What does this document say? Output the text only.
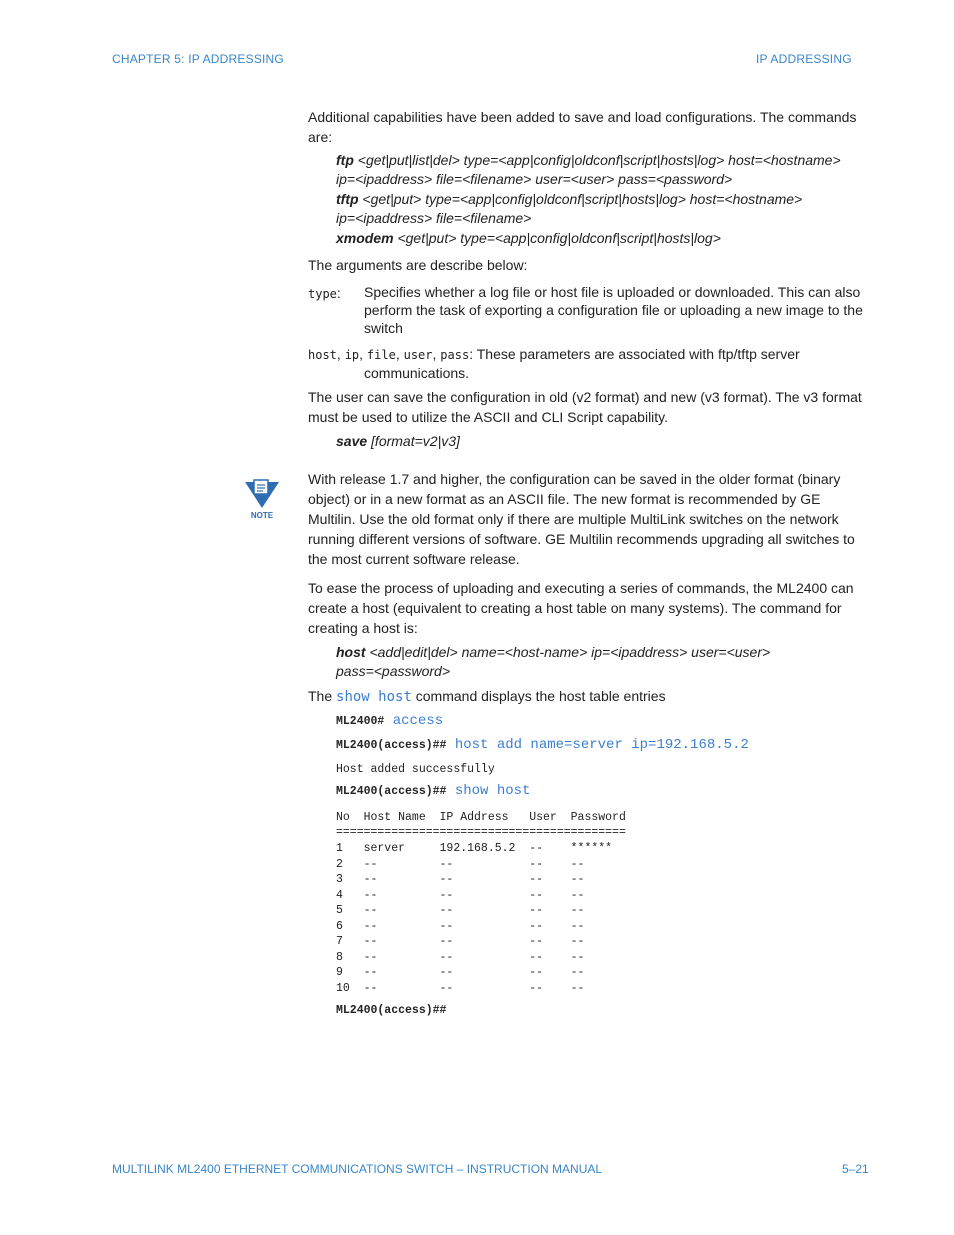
CHAPTER 5: IP ADDRESSING	IP ADDRESSING
Additional capabilities have been added to save and load configurations. The commands are:
ftp <get|put|list|del> type=<app|config|oldconf|script|hosts|log> host=<hostname>
ip=<ipaddress> file=<filename> user=<user> pass=<password>
tftp <get|put> type=<app|config|oldconf|script|hosts|log> host=<hostname>
ip=<ipaddress> file=<filename>
xmodem <get|put> type=<app|config|oldconf|script|hosts|log>
The arguments are describe below:
type: Specifies whether a log file or host file is uploaded or downloaded. This can also perform the task of exporting a configuration file or uploading a new image to the switch
host, ip, file, user, pass: These parameters are associated with ftp/tftp server
communications.
The user can save the configuration in old (v2 format) and new (v3 format). The v3 format must be used to utilize the ASCII and CLI Script capability.
save [format=v2|v3]
NOTE
With release 1.7 and higher, the configuration can be saved in the older format (binary object) or in a new format as an ASCII file. The new format is recommended by GE Multilin. Use the old format only if there are multiple MultiLink switches on the network running different versions of software. GE Multilin recommends upgrading all switches to the most current software release.
To ease the process of uploading and executing a series of commands, the ML2400 can create a host (equivalent to creating a host table on many systems). The command for creating a host is:
host <add|edit|del> name=<host-name> ip=<ipaddress> user=<user>
pass=<password>
The show host command displays the host table entries
ML2400# access
ML2400(access)## host add name=server ip=192.168.5.2
Host added successfully
ML2400(access)## show host
No  Host Name  IP Address   User  Password
==========================================
1   server     192.168.5.2  --    ******
2   --         --           --    --
3   --         --           --    --
4   --         --           --    --
5   --         --           --    --
6   --         --           --    --
7   --         --           --    --
8   --         --           --    --
9   --         --           --    --
10  --         --           --    --
ML2400(access)##
MULTILINK ML2400 ETHERNET COMMUNICATIONS SWITCH – INSTRUCTION MANUAL	5–21
